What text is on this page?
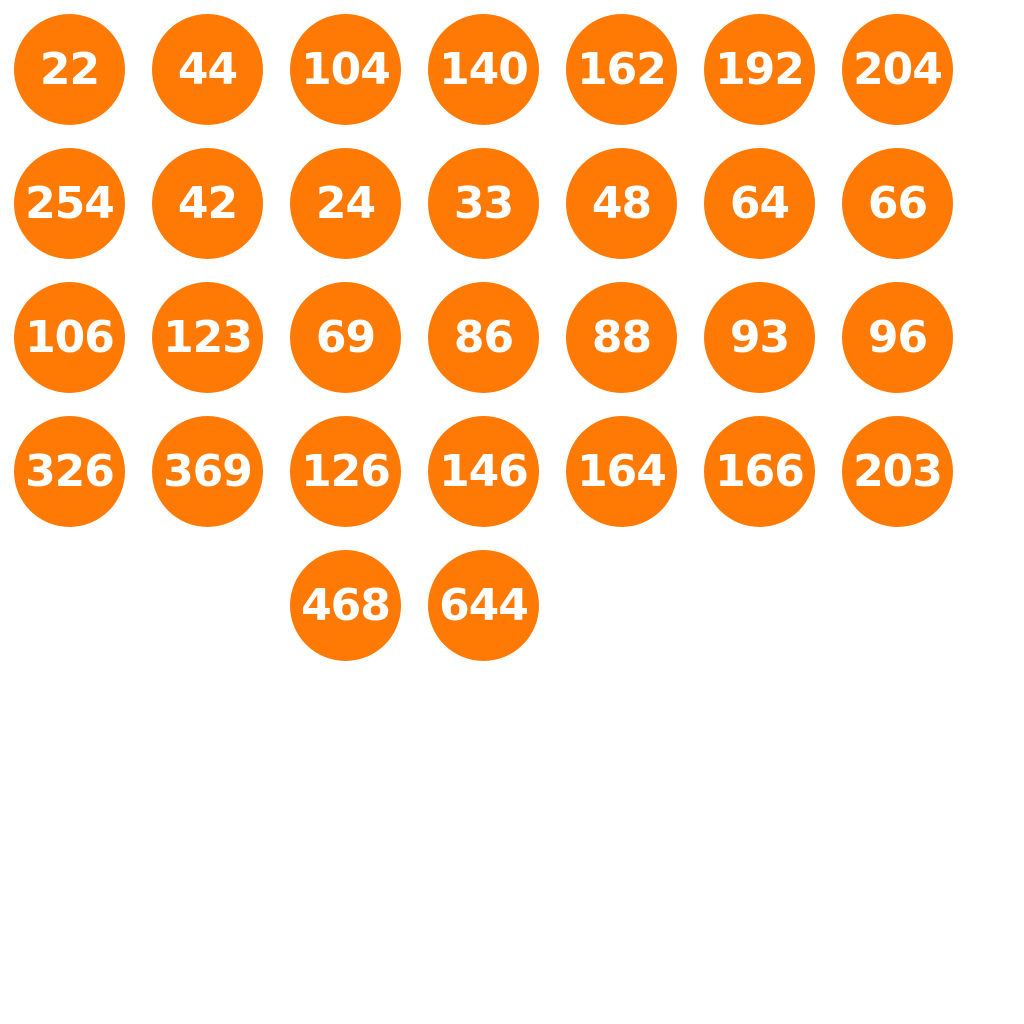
22	44	104 140 162 192 204
254	42	24	33	48	64	66
106 123	69	86	88	93	96
326 369 126 146 164 166 203
468 644
